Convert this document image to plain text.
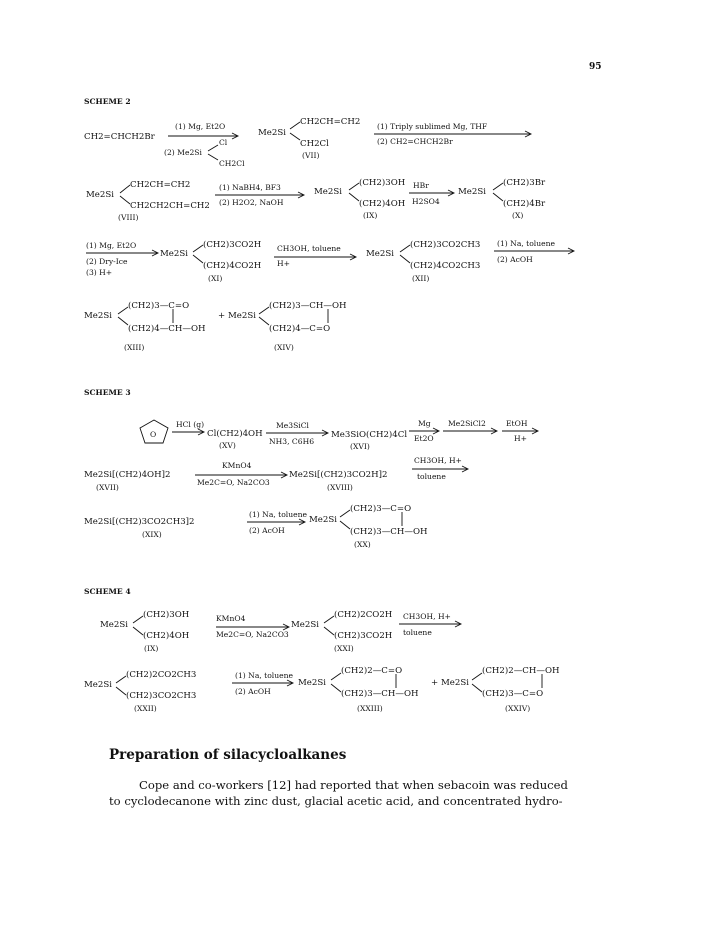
95
SCHEME 2
CH2=CHCH2Br
(1) Mg, Et2O
(2) Me2Si
Cl
CH2Cl
Me2Si
CH2CH=CH2
CH2Cl
(VII)
(1) Triply sublimed Mg, THF
(2) CH2=CHCH2Br
Me2Si
CH2CH=CH2
CH2CH2CH=CH2
(VIII)
(1) NaBH4, BF3
(2) H2O2, NaOH
Me2Si
(CH2)3OH
(CH2)4OH
(IX)
HBr
H2SO4
Me2Si
(CH2)3Br
(CH2)4Br
(X)
(1) Mg, Et2O
(2) Dry-Ice
(3) H+
Me2Si
(CH2)3CO2H
(CH2)4CO2H
(XI)
CH3OH, toluene
H+
Me2Si
(CH2)3CO2CH3
(CH2)4CO2CH3
(XII)
(1) Na, toluene
(2) AcOH
Me2Si
(CH2)3—C=O
(CH2)4—CH—OH
(XIII)
+ Me2Si
(CH2)3—CH—OH
(CH2)4—C=O
(XIV)
SCHEME 3
O
HCl (g)
Cl(CH2)4OH
(XV)
Me3SiCl
NH3, C6H6
Me3SiO(CH2)4Cl
(XVI)
Mg
Et2O
Me2SiCl2	EtOH
H+
Me2Si[(CH2)4OH]2
(XVII)
KMnO4
Me2C=O, Na2CO3
Me2Si[(CH2)3CO2H]2
(XVIII)
CH3OH, H+
toluene
Me2Si[(CH2)3CO2CH3]2
(XIX)
(1) Na, toluene
(2) AcOH
Me2Si
(CH2)3—C=O
(CH2)3—CH—OH
(XX)
SCHEME 4
Me2Si
(CH2)3OH
(CH2)4OH
(IX)
KMnO4
Me2C=O, Na2CO3
Me2Si
(CH2)2CO2H
(CH2)3CO2H
(XXI)
CH3OH, H+
toluene
Me2Si
(CH2)2CO2CH3
(CH2)3CO2CH3
(XXII)
(1) Na, toluene
(2) AcOH
Me2Si
(CH2)2—C=O
(CH2)3—CH—OH
(XXIII)
+ Me2Si
(CH2)2—CH—OH
(CH2)3—C=O
(XXIV)
Preparation of silacycloalkanes

Cope and co-workers [12] had reported that when sebacoin was reduced

to cyclodecanone with zinc dust, glacial acetic acid, and concentrated hydro-
